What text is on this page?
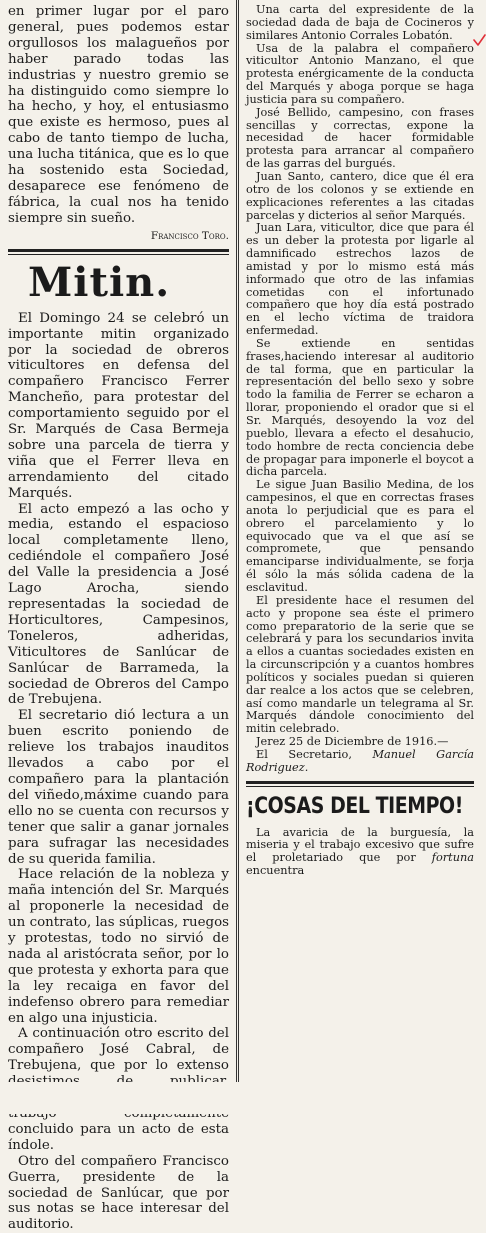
en primer lugar por el paro general, pues podemos estar orgullosos los malagueños por haber parado todas las industrias y nuestro gremio se ha distinguido como siempre lo ha hecho, y hoy, el entusiasmo que existe es hermoso, pues al cabo de tanto tiempo de lucha, una lucha titánica, que es lo que ha sostenido esta Sociedad, desaparece ese fenómeno de fábrica, la cual nos ha tenido siempre sin sueño.

Francisco Toro.
Mitin.

El Domingo 24 se celebró un importante mitin organizado por la sociedad de obreros viticultores en defensa del compañero Francisco Ferrer Mancheño, para protestar del comportamiento seguido por el Sr. Marqués de Casa Bermeja sobre una parcela de tierra y viña que el Ferrer lleva en arrendamiento del citado Marqués.

El acto empezó a las ocho y media, estando el espacioso local completamente lleno, cediéndole el compañero José del Valle la presidencia a José Lago Arocha, siendo representadas la sociedad de Horticultores, Campesinos, Toneleros, adheridas, Viticultores de Sanlúcar de Sanlúcar de Barrameda, la sociedad de Obreros del Campo de Trebujena.

El secretario dió lectura a un buen escrito poniendo de relieve los trabajos inauditos llevados a cabo por el compañero para la plantación del viñedo,máxime cuando para ello no se cuenta con recursos y tener que salir a ganar jornales para sufragar las necesidades de su querida familia.

Hace relación de la nobleza y maña intención del Sr. Marqués al proponerle la necesidad de un contrato, las súplicas, ruegos y protestas, todo no sirvió de nada al aristócrata señor, por lo que protesta y exhorta para que la ley recaiga en favor del indefenso obrero para remediar en algo una injusticia.

A continuación otro escrito del compañero José Cabral, de Trebujena, que por lo extenso concluido para un acto de esta índole.

Otro del compañero Francisco Guerra, presidente de la sociedad de Sanlúcar, que por sus notas se hace interesar del auditorio.

Una carta del expresidente de la sociedad dada de baja de Cocineros y similares Antonio Corrales Lobatón.

Usa de la palabra el compañero viticultor Antonio Manzano, el que protesta enérgicamente de la conducta del Marqués y aboga porque se haga justicia para su compañero.

José Bellido, campesino, con frases sencillas y correctas, expone la necesidad de hacer formidable protesta para arrancar al compañero de las garras del burgués.

Juan Santo, cantero, dice que él era otro de los colonos y se extiende en explicaciones referentes a las citadas parcelas y dicterios al señor Marqués.

Juan Lara, viticultor, dice que para él es un deber la protesta por ligarle al damnificado estrechos lazos de amistad y por lo mismo está más informado que otro de las infamias cometidas con el infortunado compañero que hoy día está postrado en el lecho víctima de traidora enfermedad.

Se extiende en sentidas frases,haciendo interesar al auditorio de tal forma, que en particular la representación del bello sexo y sobre todo la familia de Ferrer se echaron a llorar, proponiendo el orador que si el Sr. Marqués, desoyendo la voz del pueblo, llevara a efecto el desahucio, todo hombre de recta conciencia debe de propagar para imponerle el boycot a dicha parcela.

Le sigue Juan Basilio Medina, de los campesinos, el que en correctas frases anota lo perjudicial que es para el obrero el parcelamiento y lo equivocado que va el que así se compromete, que pensando emanciparse individualmente, se forja él sólo la más sólida cadena de la esclavitud.

El presidente hace el resumen del acto y propone sea éste el primero como preparatorio de la serie que se celebrará y para los secundarios invita a ellos a cuantas sociedades existen en la circunscripción y a cuantos hombres políticos y sociales puedan si quieren dar realce a los actos que se celebren, así como mandarle un telegrama al Sr. Marqués dándole conocimiento del mitin celebrado.

Jerez 25 de Diciembre de 1916.—

El Secretario, Manuel García Rodriguez.

¡COSAS DEL TIEMPO!

La avaricia de la burguesía, la miseria y el trabajo excesivo que sufre el proletariado que por fortuna encuentra
